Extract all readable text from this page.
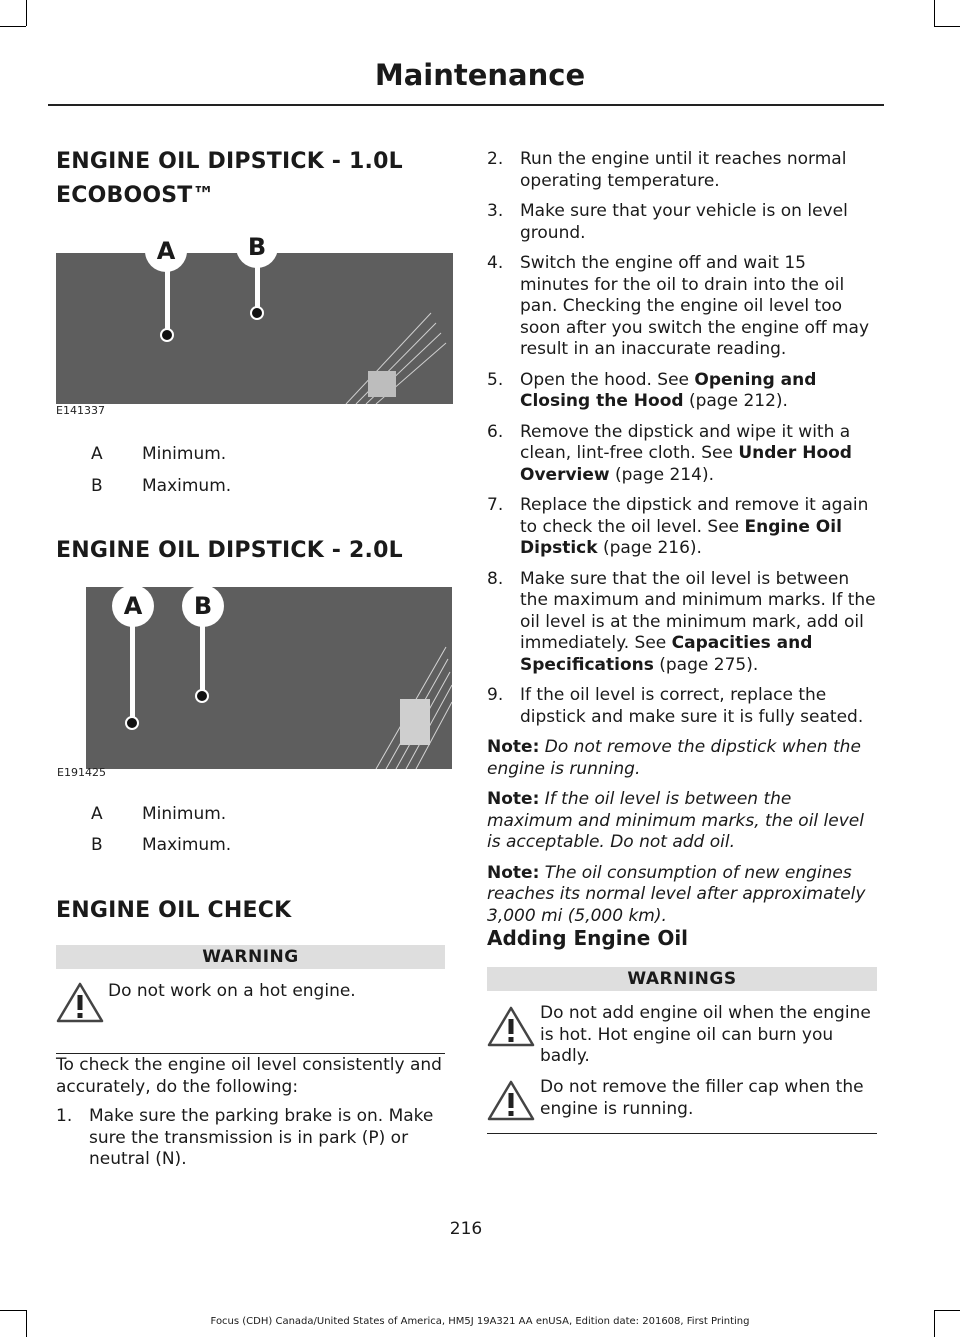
Maintenance
ENGINE OIL DIPSTICK - 1.0L
ECOBOOST™
A	B
E141337
A Minimum.
B Maximum.
ENGINE OIL DIPSTICK - 2.0L
A	B
E191425
A Minimum.
B Maximum.
ENGINE OIL CHECK
WARNING
Do not work on a hot engine.
To check the engine oil level consistently and accurately, do the following:
1. Make sure the parking brake is on. Make sure the transmission is in park (P) or neutral (N).
2. Run the engine until it reaches normal operating temperature.
3. Make sure that your vehicle is on level ground.
4. Switch the engine off and wait 15 minutes for the oil to drain into the oil pan. Checking the engine oil level too soon after you switch the engine off may result in an inaccurate reading.
5. Open the hood. See Opening and Closing the Hood (page 212).
6. Remove the dipstick and wipe it with a clean, lint-free cloth. See Under Hood Overview (page 214).
7. Replace the dipstick and remove it again to check the oil level. See Engine Oil Dipstick (page 216).
8. Make sure that the oil level is between the maximum and minimum marks. If the oil level is at the minimum mark, add oil immediately. See Capacities and Specifications (page 275).
9. If the oil level is correct, replace the dipstick and make sure it is fully seated.

Note: Do not remove the dipstick when the engine is running.

Note: If the oil level is between the maximum and minimum marks, the oil level is acceptable. Do not add oil.

Note: The oil consumption of new engines reaches its normal level after approximately 3,000 mi (5,000 km).

Adding Engine Oil
WARNINGS
Do not add engine oil when the engine is hot. Hot engine oil can burn you badly.
Do not remove the filler cap when the engine is running.
216
Focus (CDH) Canada/United States of America, HM5J 19A321 AA enUSA, Edition date: 201608, First Printing
